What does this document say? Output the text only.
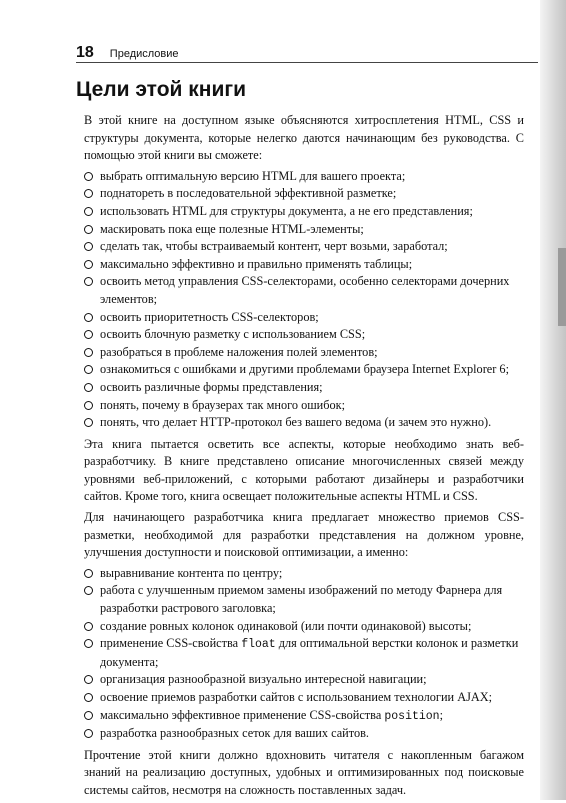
18 Предисловие
Цели этой книги

В этой книге на доступном языке объясняются хитросплетения HTML, CSS и структуры документа, которые нелегко даются начинающим без руководства. С помощью этой книги вы сможете:

выбрать оптимальную версию HTML для вашего проекта;
поднатореть в последовательной эффективной разметке;
использовать HTML для структуры документа, а не его представления;
маскировать пока еще полезные HTML-элементы;
сделать так, чтобы встраиваемый контент, черт возьми, заработал;
максимально эффективно и правильно применять таблицы;
освоить метод управления CSS-селекторами, особенно селекторами дочерних элементов;
освоить приоритетность CSS-селекторов;
освоить блочную разметку с использованием CSS;
разобраться в проблеме наложения полей элементов;
ознакомиться с ошибками и другими проблемами браузера Internet Explorer 6;
освоить различные формы представления;
понять, почему в браузерах так много ошибок;
понять, что делает HTTP-протокол без вашего ведома (и зачем это нужно).

Эта книга пытается осветить все аспекты, которые необходимо знать веб-разработчику. В книге представлено описание многочисленных связей между уровнями веб-приложений, с которыми работают дизайнеры и разработчики сайтов. Кроме того, книга освещает положительные аспекты HTML и CSS.

Для начинающего разработчика книга предлагает множество приемов CSS-разметки, необходимой для разработки представления на должном уровне, улучшения доступности и поисковой оптимизации, а именно:

выравнивание контента по центру;
работа с улучшенным приемом замены изображений по методу Фарнера для разработки растрового заголовка;
создание ровных колонок одинаковой (или почти одинаковой) высоты;
применение CSS-свойства float для оптимальной верстки колонок и разметки документа;
организация разнообразной визуально интересной навигации;
освоение приемов разработки сайтов с использованием технологии AJAX;
максимально эффективное применение CSS-свойства position;
разработка разнообразных сеток для ваших сайтов.

Прочтение этой книги должно вдохновить читателя с накопленным багажом знаний на реализацию доступных, удобных и оптимизированных под поисковые системы сайтов, несмотря на сложность поставленных задач.
